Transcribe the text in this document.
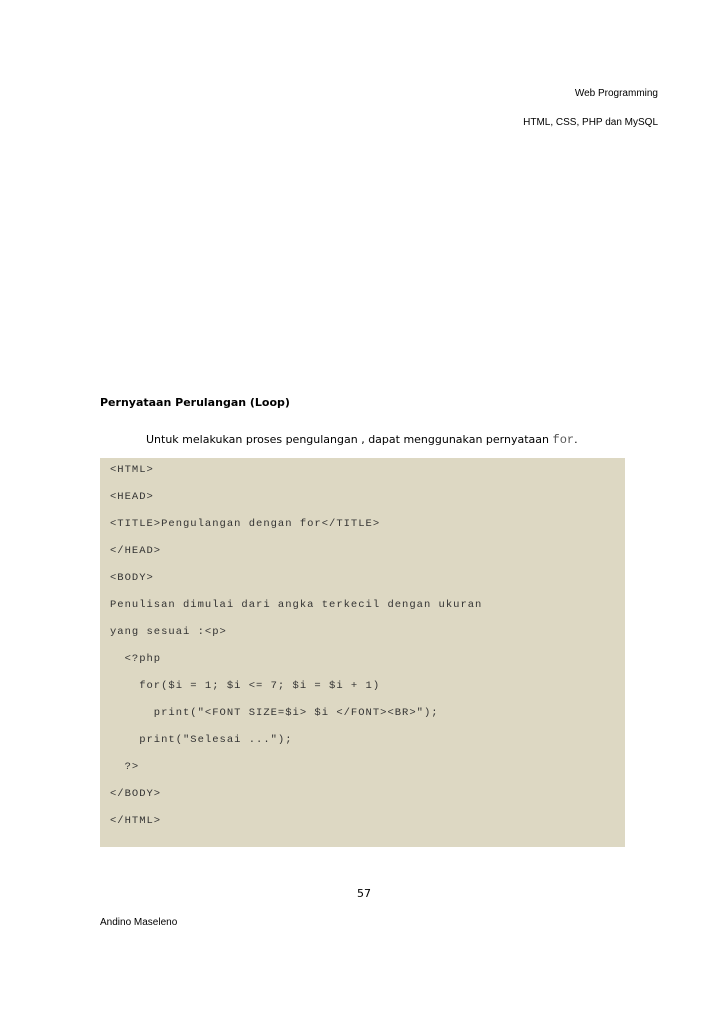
Web Programming
HTML, CSS, PHP dan MySQL
Pernyataan Perulangan (Loop)
Untuk melakukan proses pengulangan , dapat menggunakan pernyataan for.
<HTML>
<HEAD>
<TITLE>Pengulangan dengan for</TITLE>
</HEAD>
<BODY>
Penulisan dimulai dari angka terkecil dengan ukuran
yang sesuai :<p>
<?php
for($i = 1; $i <= 7; $i = $i + 1)
print("<FONT SIZE=$i> $i </FONT><BR>");
print("Selesai ...");
?>
</BODY>
</HTML>
57
Andino Maseleno
